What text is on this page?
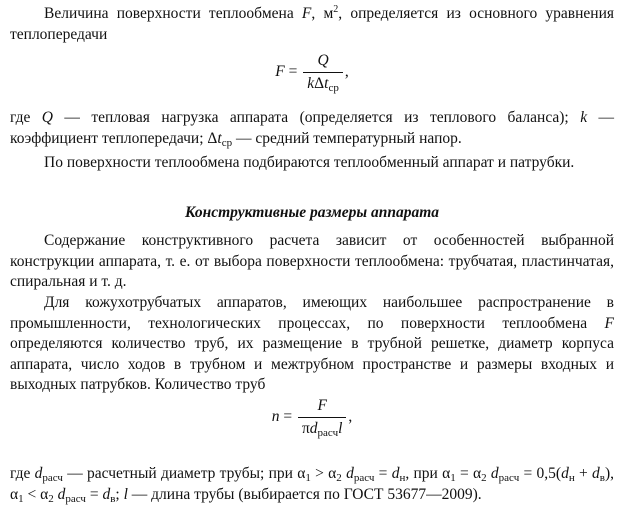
Величина поверхности теплообмена F, $м^2$, определяется из основного уравнения теплопередачи

$F = \frac{Q}{k\Delta t_{ср}}$ ,

где Q — тепловая нагрузка аппарата (определяется из теплового баланса); k — коэффициент теплопередачи; $\Delta t_{ср}$ — средний температурный напор.

По поверхности теплообмена подбираются теплообменный аппарат и патрубки.

Конструктивные размеры аппарата

Содержание конструктивного расчета зависит от особенностей выбранной конструкции аппарата, т. е. от выбора поверхности теплообмена: трубчатая, пластинчатая, спиральная и т. д.

Для кожухотрубчатых аппаратов, имеющих наибольшее распространение в промышленности, технологических процессах, по поверхности теплообмена F определяются количество труб, их размещение в трубной решетке, диаметр корпуса аппарата, число ходов в трубном и межтрубном пространстве и размеры входных и выходных патрубков. Количество труб

$n = \frac{F}{\pi d_{расч}l}$ ,

где $d_{расч}$ — расчетный диаметр трубы; при $\alpha_1 > \alpha_2$ $d_{расч} = d_н$, при $\alpha_1 = \alpha_2$ $d_{расч} = 0,5(d_н + d_в)$, $\alpha_1 < \alpha_2$ $d_{расч} = d_в$; l — длина трубы (выбирается по ГОСТ 53677—2009).
